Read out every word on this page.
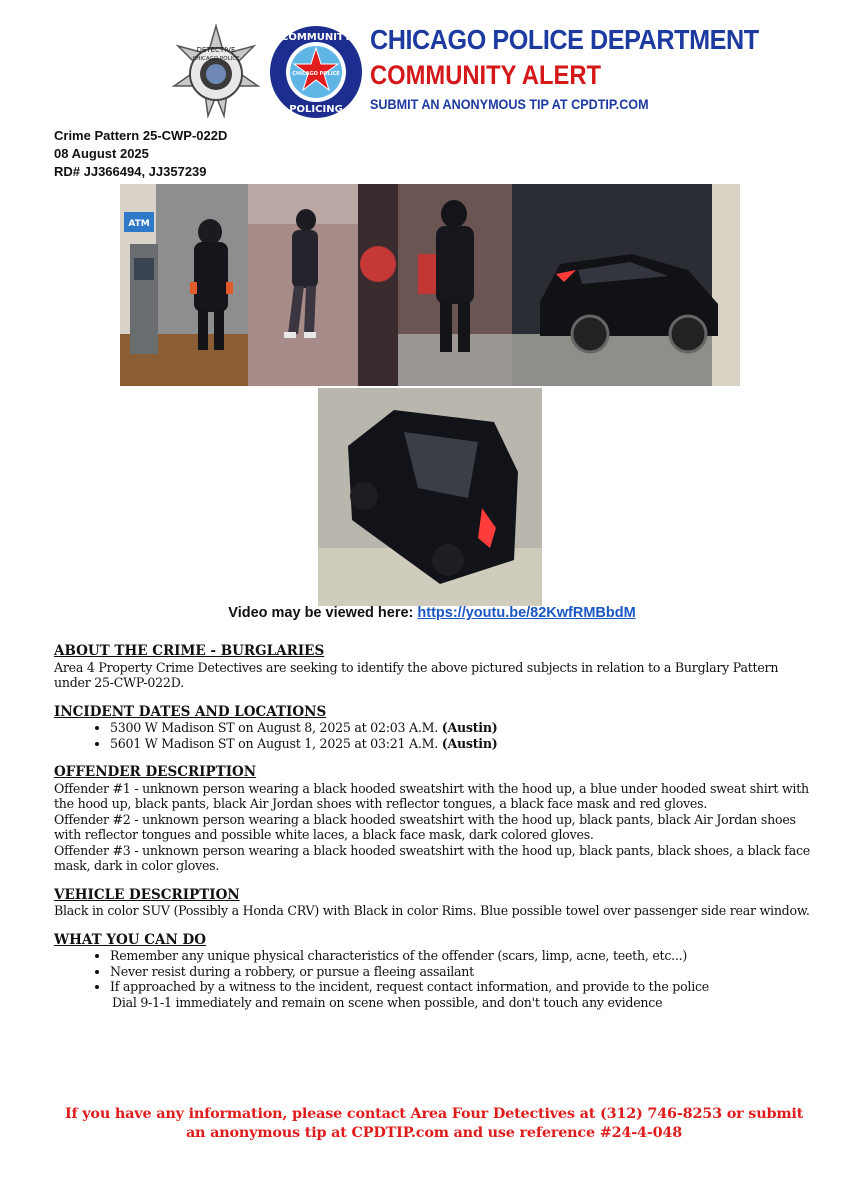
DETECTIVE
CHICAGO POLICE
COMMUNITY
POLICING
CHICAGO POLICE
CHICAGO POLICE DEPARTMENT
COMMUNITY ALERT
SUBMIT AN ANONYMOUS TIP AT CPDTIP.COM
Crime Pattern 25-CWP-022D
08 August 2025
RD# JJ366494, JJ357239
ATM
Video may be viewed here: https://youtu.be/82KwfRMBbdM
ABOUT THE CRIME - BURGLARIES

Area 4 Property Crime Detectives are seeking to identify the above pictured subjects in relation to a Burglary Pattern under 25-CWP-022D.

INCIDENT DATES AND LOCATIONS
• 5300 W Madison ST on August 8, 2025 at 02:03 A.M. (Austin)
• 5601 W Madison ST on August 1, 2025 at 03:21 A.M. (Austin)
OFFENDER DESCRIPTION

Offender #1 - unknown person wearing a black hooded sweatshirt with the hood up, a blue under hooded sweat shirt with the hood up, black pants, black Air Jordan shoes with reflector tongues, a black face mask and red gloves.

Offender #2 - unknown person wearing a black hooded sweatshirt with the hood up, black pants, black Air Jordan shoes with reflector tongues and possible white laces, a black face mask, dark colored gloves.

Offender #3 - unknown person wearing a black hooded sweatshirt with the hood up, black pants, black shoes, a black face mask, dark in color gloves.

VEHICLE DESCRIPTION

Black in color SUV (Possibly a Honda CRV) with Black in color Rims. Blue possible towel over passenger side rear window.

WHAT YOU CAN DO
• Remember any unique physical characteristics of the offender (scars, limp, acne, teeth, etc...)
• Never resist during a robbery, or pursue a fleeing assailant
• If approached by a witness to the incident, request contact information, and provide to the police

Dial 9-1-1 immediately and remain on scene when possible, and don't touch any evidence

If you have any information, please contact Area Four Detectives at (312) 746-8253 or submit an anonymous tip at CPDTIP.com and use reference #24-4-048
